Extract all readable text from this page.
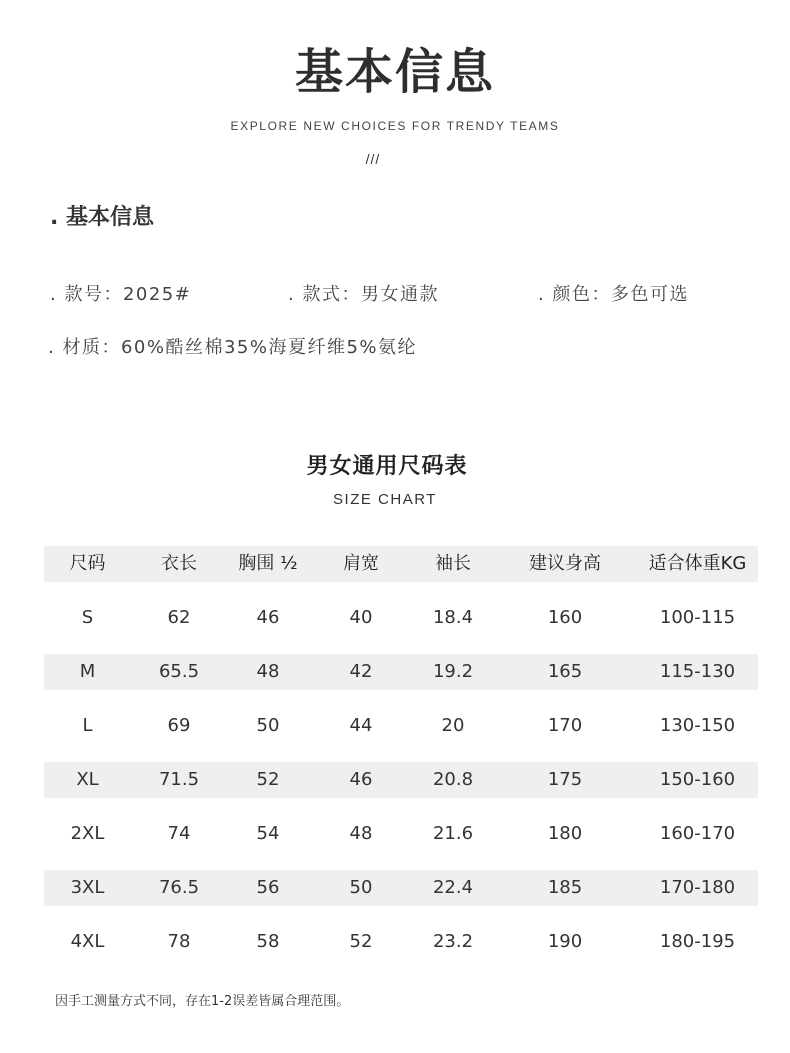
基本信息
EXPLORE NEW CHOICES FOR TRENDY TEAMS
///
. 基本信息
. 款号：2025#	. 款式：男女通款	. 颜色：多色可选
. 材质：60%酷丝棉35%海夏纤维5%氨纶
男女通用尺码表
SIZE CHART
尺码	衣长	胸围 ½	肩宽	袖长	建议身高	适合体重KG
S	62	46	40	18.4	160	100-115
M	65.5	48	42	19.2	165	115-130
L	69	50	44	20	170	130-150
XL	71.5	52	46	20.8	175	150-160
2XL	74	54	48	21.6	180	160-170
3XL	76.5	56	50	22.4	185	170-180
4XL	78	58	52	23.2	190	180-195
因手工测量方式不同，存在1-2误差皆属合理范围。
